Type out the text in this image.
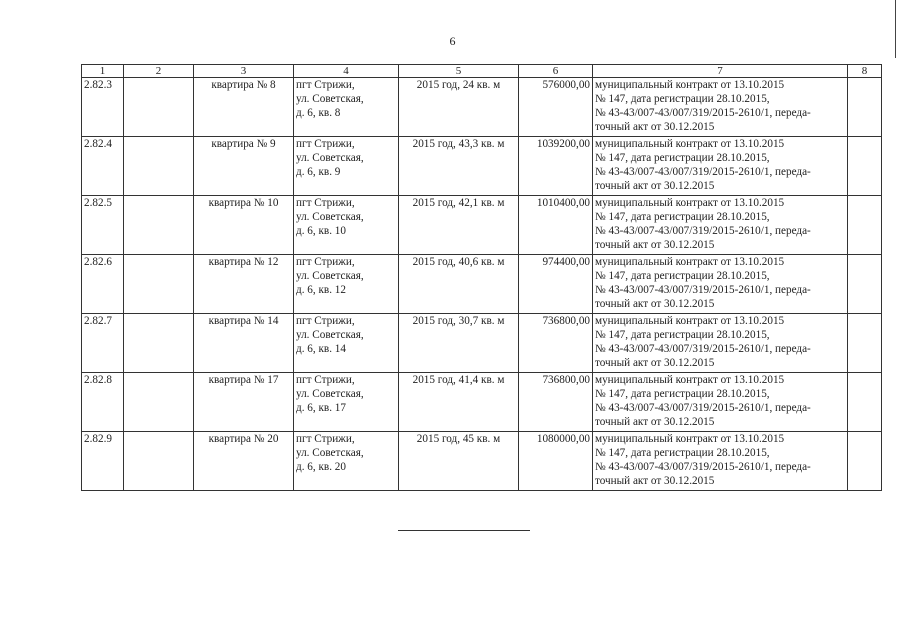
6
1	2	3	4	5	6	7	8
2.82.3		квартира № 8	пгт Стрижи,
ул. Советская,
д. 6, кв. 8	2015 год, 24 кв. м	576000,00	муниципальный контракт от 13.10.2015
№ 147, дата регистрации 28.10.2015,
№ 43-43/007-43/007/319/2015-2610/1, переда-
точный акт от 30.12.2015	

2.82.4		квартира № 9	пгт Стрижи,
ул. Советская,
д. 6, кв. 9	2015 год, 43,3 кв. м	1039200,00	муниципальный контракт от 13.10.2015
№ 147, дата регистрации 28.10.2015,
№ 43-43/007-43/007/319/2015-2610/1, переда-
точный акт от 30.12.2015	

2.82.5		квартира № 10	пгт Стрижи,
ул. Советская,
д. 6, кв. 10	2015 год, 42,1 кв. м	1010400,00	муниципальный контракт от 13.10.2015
№ 147, дата регистрации 28.10.2015,
№ 43-43/007-43/007/319/2015-2610/1, переда-
точный акт от 30.12.2015	

2.82.6		квартира № 12	пгт Стрижи,
ул. Советская,
д. 6, кв. 12	2015 год, 40,6 кв. м	974400,00	муниципальный контракт от 13.10.2015
№ 147, дата регистрации 28.10.2015,
№ 43-43/007-43/007/319/2015-2610/1, переда-
точный акт от 30.12.2015	

2.82.7		квартира № 14	пгт Стрижи,
ул. Советская,
д. 6, кв. 14	2015 год, 30,7 кв. м	736800,00	муниципальный контракт от 13.10.2015
№ 147, дата регистрации 28.10.2015,
№ 43-43/007-43/007/319/2015-2610/1, переда-
точный акт от 30.12.2015	

2.82.8		квартира № 17	пгт Стрижи,
ул. Советская,
д. 6, кв. 17	2015 год, 41,4 кв. м	736800,00	муниципальный контракт от 13.10.2015
№ 147, дата регистрации 28.10.2015,
№ 43-43/007-43/007/319/2015-2610/1, переда-
точный акт от 30.12.2015	

2.82.9		квартира № 20	пгт Стрижи,
ул. Советская,
д. 6, кв. 20	2015 год, 45 кв. м	1080000,00	муниципальный контракт от 13.10.2015
№ 147, дата регистрации 28.10.2015,
№ 43-43/007-43/007/319/2015-2610/1, переда-
точный акт от 30.12.2015	
